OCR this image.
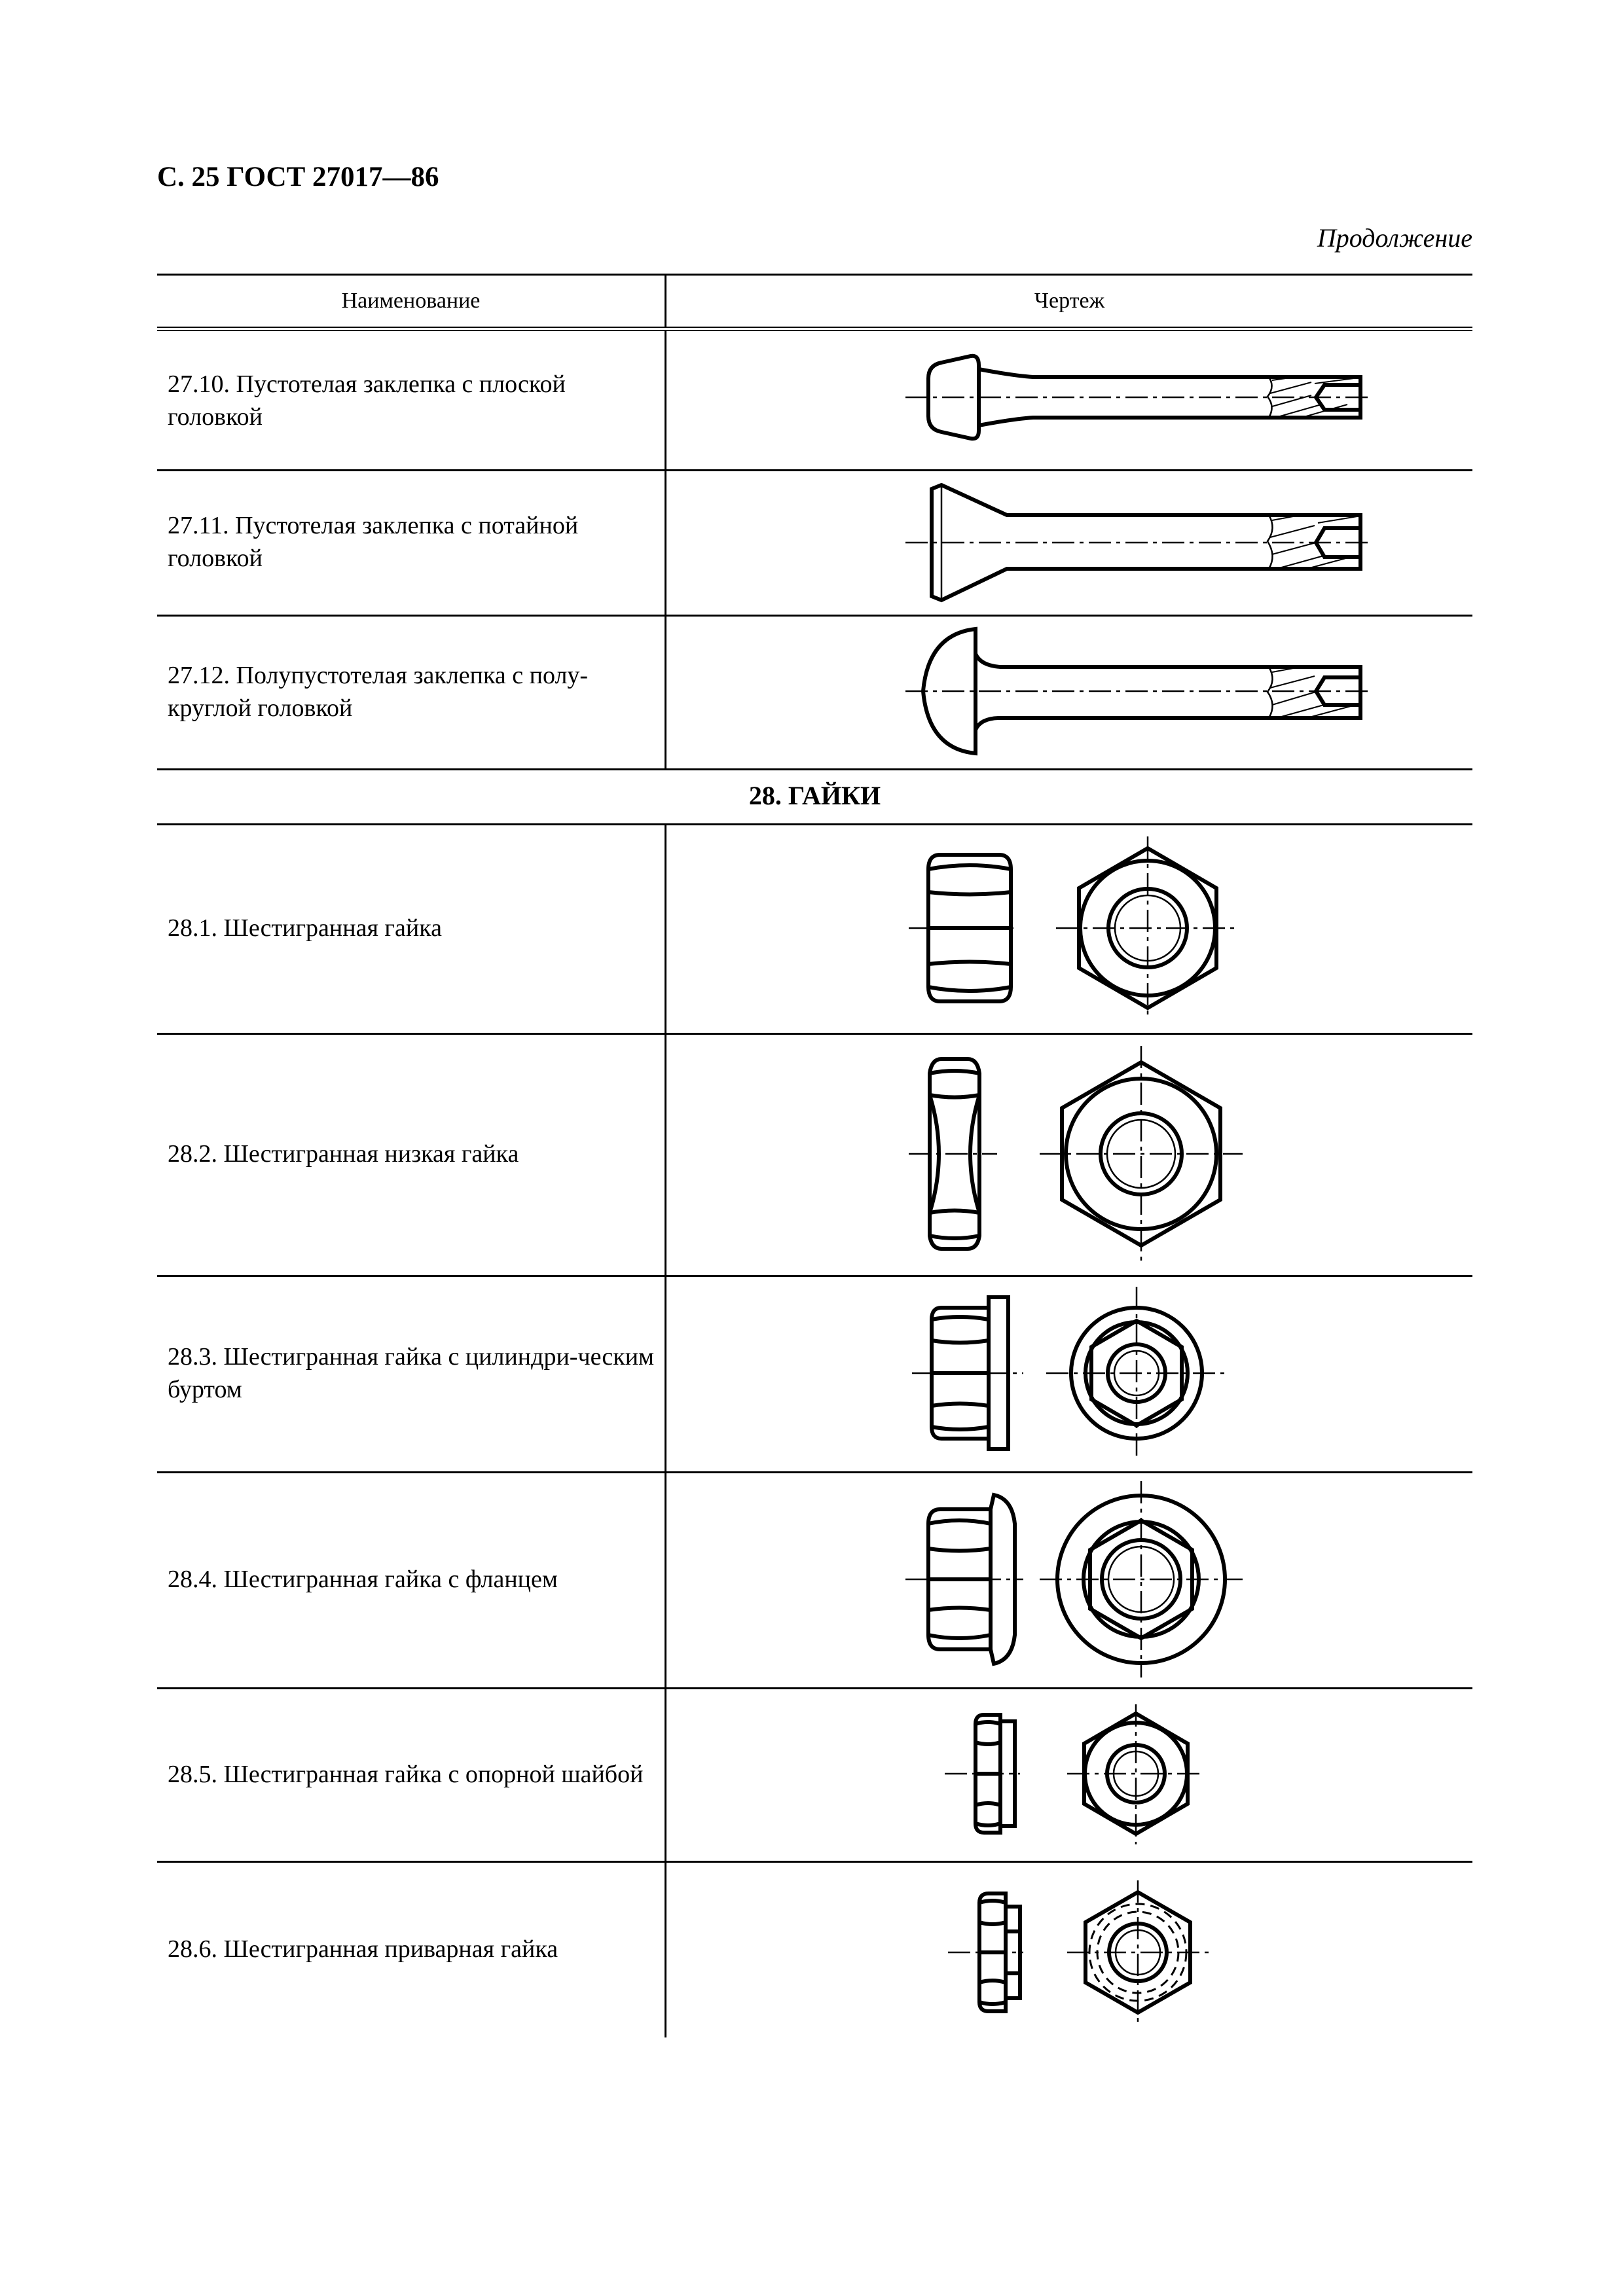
С. 25 ГОСТ 27017—86
Продолжение
Наименование	Чертеж
27.10. Пустотелая заклепка с плоской головкой
27.11. Пустотелая заклепка с потайной головкой
27.12. Полупустотелая заклепка с полу-круглой головкой
28. ГАЙКИ
28.1. Шестигранная гайка
28.2. Шестигранная низкая гайка
28.3. Шестигранная гайка с цилиндри-ческим буртом
28.4. Шестигранная гайка с фланцем
28.5. Шестигранная гайка с опорной шайбой
28.6. Шестигранная приварная гайка
